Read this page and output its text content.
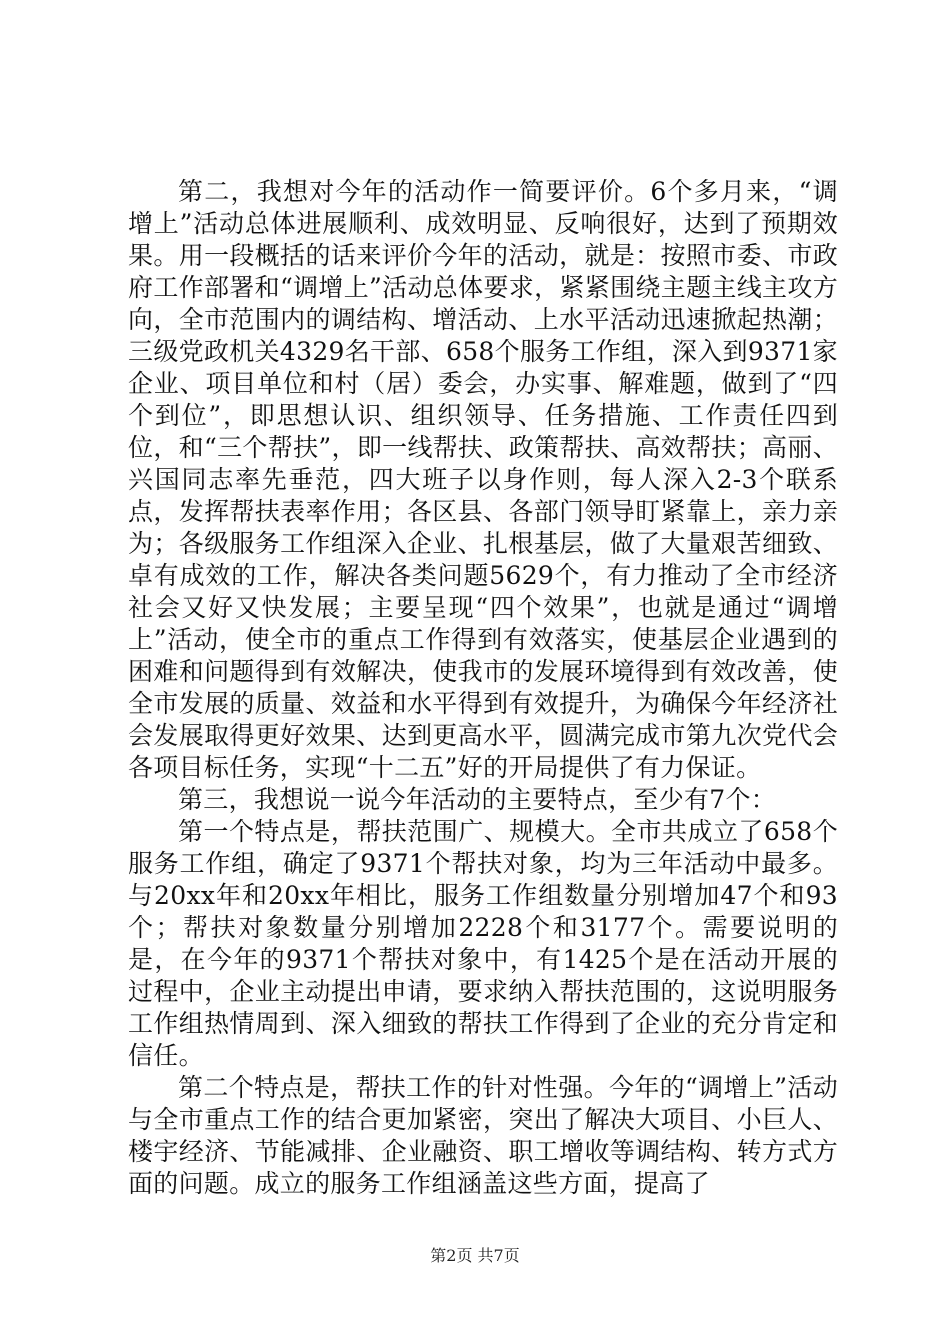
第二，我想对今年的活动作一简要评价。6个多月来，“调增上”活动总体进展顺利、成效明显、反响很好，达到了预期效果。用一段概括的话来评价今年的活动，就是：按照市委、市政府工作部署和“调增上”活动总体要求，紧紧围绕主题主线主攻方向，全市范围内的调结构、增活动、上水平活动迅速掀起热潮；三级党政机关4329名干部、658个服务工作组，深入到9371家企业、项目单位和村（居）委会，办实事、解难题，做到了“四个到位”，即思想认识、组织领导、任务措施、工作责任四到位，和“三个帮扶”，即一线帮扶、政策帮扶、高效帮扶；高丽、兴国同志率先垂范，四大班子以身作则，每人深入2-3个联系点，发挥帮扶表率作用；各区县、各部门领导盯紧靠上，亲力亲为；各级服务工作组深入企业、扎根基层，做了大量艰苦细致、卓有成效的工作，解决各类问题5629个，有力推动了全市经济社会又好又快发展；主要呈现“四个效果”，也就是通过“调增上”活动，使全市的重点工作得到有效落实，使基层企业遇到的困难和问题得到有效解决，使我市的发展环境得到有效改善，使全市发展的质量、效益和水平得到有效提升，为确保今年经济社会发展取得更好效果、达到更高水平，圆满完成市第九次党代会各项目标任务，实现“十二五”好的开局提供了有力保证。

第三，我想说一说今年活动的主要特点，至少有7个：

第一个特点是，帮扶范围广、规模大。全市共成立了658个服务工作组，确定了9371个帮扶对象，均为三年活动中最多。与20xx年和20xx年相比，服务工作组数量分别增加47个和93个；帮扶对象数量分别增加2228个和3177个。需要说明的是，在今年的9371个帮扶对象中，有1425个是在活动开展的过程中，企业主动提出申请，要求纳入帮扶范围的，这说明服务工作组热情周到、深入细致的帮扶工作得到了企业的充分肯定和信任。

第二个特点是，帮扶工作的针对性强。今年的“调增上”活动与全市重点工作的结合更加紧密，突出了解决大项目、小巨人、楼宇经济、节能减排、企业融资、职工增收等调结构、转方式方面的问题。成立的服务工作组涵盖这些方面，提高了

第2页 共7页
